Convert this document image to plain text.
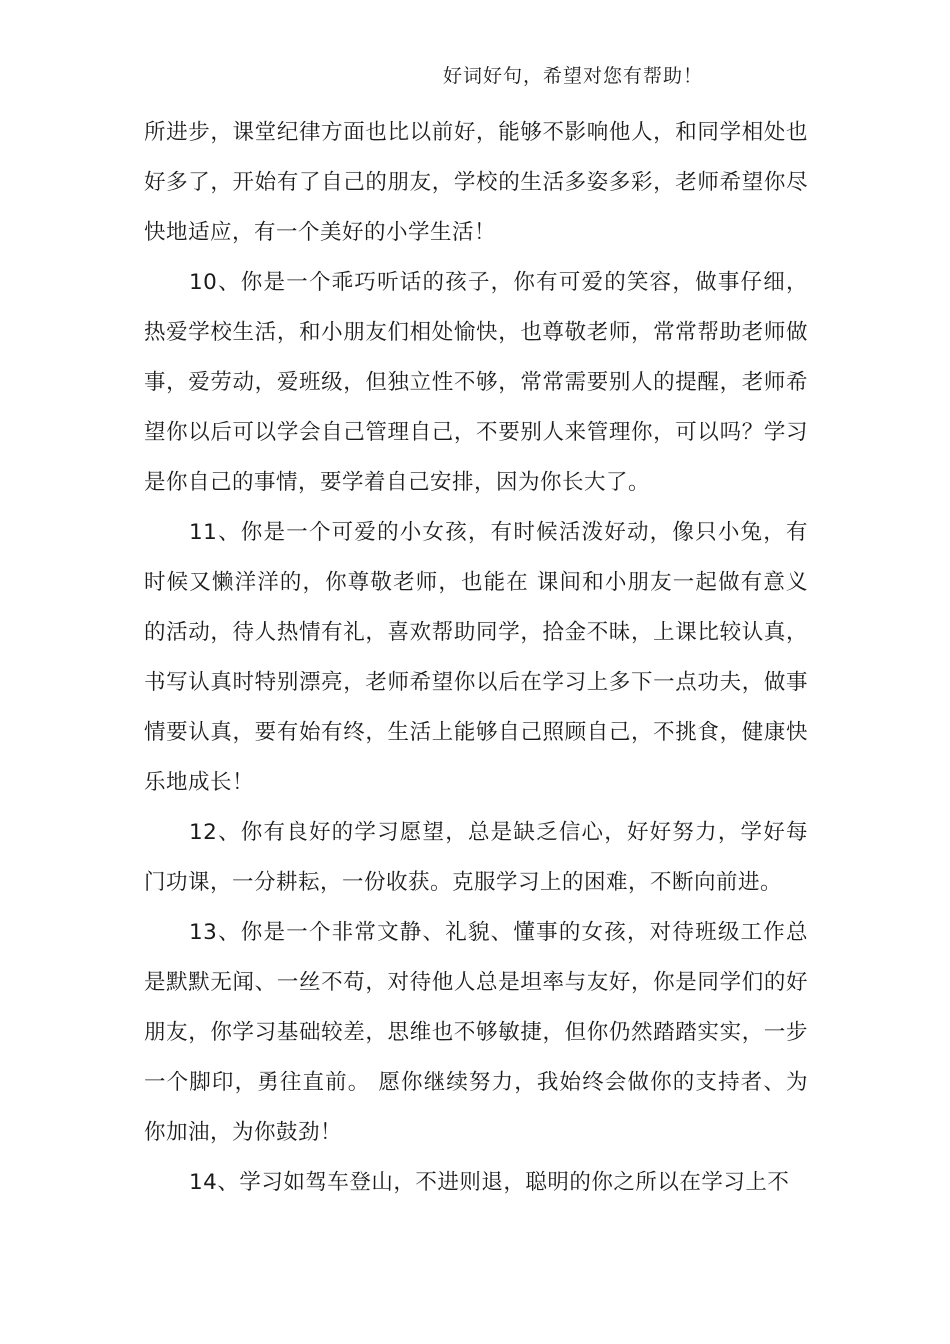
好词好句，希望对您有帮助！

所进步，课堂纪律方面也比以前好，能够不影响他人，和同学相处也好多了，开始有了自己的朋友，学校的生活多姿多彩，老师希望你尽快地适应，有一个美好的小学生活！

10、你是一个乖巧听话的孩子，你有可爱的笑容，做事仔细，热爱学校生活，和小朋友们相处愉快，也尊敬老师，常常帮助老师做事，爱劳动，爱班级，但独立性不够，常常需要别人的提醒，老师希望你以后可以学会自己管理自己，不要别人来管理你，可以吗？学习是你自己的事情，要学着自己安排，因为你长大了。

11、你是一个可爱的小女孩，有时候活泼好动，像只小兔，有时候又懒洋洋的，你尊敬老师，也能在 课间和小朋友一起做有意义的活动，待人热情有礼，喜欢帮助同学，拾金不昧，上课比较认真，书写认真时特别漂亮，老师希望你以后在学习上多下一点功夫，做事情要认真，要有始有终，生活上能够自己照顾自己，不挑食，健康快乐地成长！

12、你有良好的学习愿望，总是缺乏信心，好好努力，学好每门功课，一分耕耘，一份收获。克服学习上的困难，不断向前进。

13、你是一个非常文静、礼貌、懂事的女孩，对待班级工作总是默默无闻、一丝不苟，对待他人总是坦率与友好，你是同学们的好朋友，你学习基础较差，思维也不够敏捷，但你仍然踏踏实实，一步一个脚印，勇往直前。 愿你继续努力，我始终会做你的支持者、为你加油，为你鼓劲！

14、学习如驾车登山，不进则退，聪明的你之所以在学习上不
